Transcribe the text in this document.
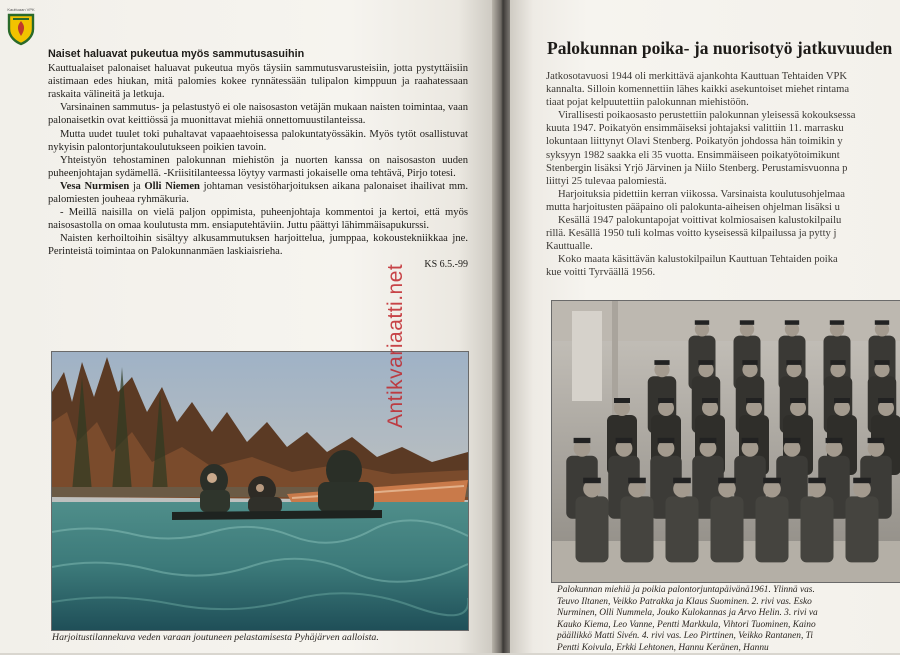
Kauttuaan VPK
Naiset haluavat pukeutua myös sammutusasuihin

Kauttualaiset palonaiset haluavat pukeutua myös täysiin sammutusvarusteisiin, jotta pystyttäisiin aistimaan edes hiukan, mitä palomies kokee rynnätessään tulipalon kimppuun ja raahatessaan raskaita välineitä ja letkuja.

Varsinainen sammutus- ja pelastustyö ei ole naisosaston vetäjän mukaan naisten toimintaa, vaan palonaisetkin ovat keittiössä ja muonittavat miehiä onnettomuustilanteissa.

Mutta uudet tuulet toki puhaltavat vapaaehtoisessa palokuntatyössäkin. Myös tytöt osallistuvat nykyisin palontorjuntakoulutukseen poikien tavoin.

Yhteistyön tehostaminen palokunnan miehistön ja nuorten kanssa on naisosaston uuden puheenjohtajan sydämellä. -Kriisitilanteessa löytyy varmasti jokaiselle oma tehtävä, Pirjo totesi.

Vesa Nurmisen ja Olli Niemen johtaman vesistöharjoituksen aikana palonaiset ihailivat mm. palomiesten jouheaa ryhmäkuria.

- Meillä naisilla on vielä paljon oppimista, puheenjohtaja kommentoi ja kertoi, että myös naisosastolla on omaa koulutusta mm. ensiaputehtäviin. Juttu päättyi lähimmäisapukurssi.

Naisten kerhoiltoihin sisältyy alkusammutuksen harjoittelua, jumppaa, kokoustekniikkaa jne. Perinteistä toimintaa on Palokunnanmäen laskiaisrieha.

KS 6.5.-99
Harjoitustilannekuva veden varaan joutuneen pelastamisesta Pyhäjärven aalloista.
Antikvariaatti.net
Palokunnan poika- ja nuorisotyö jatkuvuuden

Jatkosotavuosi 1944 oli merkittävä ajankohta Kauttuan Tehtaiden VPK

kannalta. Silloin komennettiin lähes kaikki asekuntoiset miehet rintama

tiaat pojat kelpuutettiin palokunnan miehistöön.

Virallisesti poikaosasto perustettiin palokunnan yleisessä kokouksessa

kuuta 1947. Poikatyön ensimmäiseksi johtajaksi valittiin 11. marrasku

lokuntaan liittynyt Olavi Stenberg. Poikatyön johdossa hän toimikin y

syksyyn 1982 saakka eli 35 vuotta. Ensimmäiseen poikatyötoimikunt

Stenbergin lisäksi Yrjö Järvinen ja Niilo Stenberg. Perustamisvuonna p

liittyi 25 tulevaa palomiestä.

Harjoituksia pidettiin kerran viikossa. Varsinaista koulutusohjelmaa

mutta harjoitusten pääpaino oli palokunta-aiheisen ohjelman lisäksi u

Kesällä 1947 palokuntapojat voittivat kolmiosaisen kalustokilpailu

rillä. Kesällä 1950 tuli kolmas voitto kyseisessä kilpailussa ja pytty j

Kauttualle.

Koko maata käsittävän kalustokilpailun Kauttuan Tehtaiden poika

kue voitti Tyrväällä 1956.

Palokunnan miehiä ja poikia palontorjuntapäivänä1961. Ylinnä vas.
Teuvo Iltanen, Veikko Patrakka ja Klaus Suominen. 2. rivi vas. Esko
Nurminen, Olli Nummela, Jouko Kulokannas ja Arvo Helin. 3. rivi va
Kauko Kiema, Leo Vanne, Pentti Markkula, Vihtori Tuominen, Kaino
päällikkö Matti Sivén. 4. rivi vas. Leo Pirttinen, Veikko Rantanen, Ti
Pentti Koivula, Erkki Lehtonen, Hannu Keränen, Hannu
